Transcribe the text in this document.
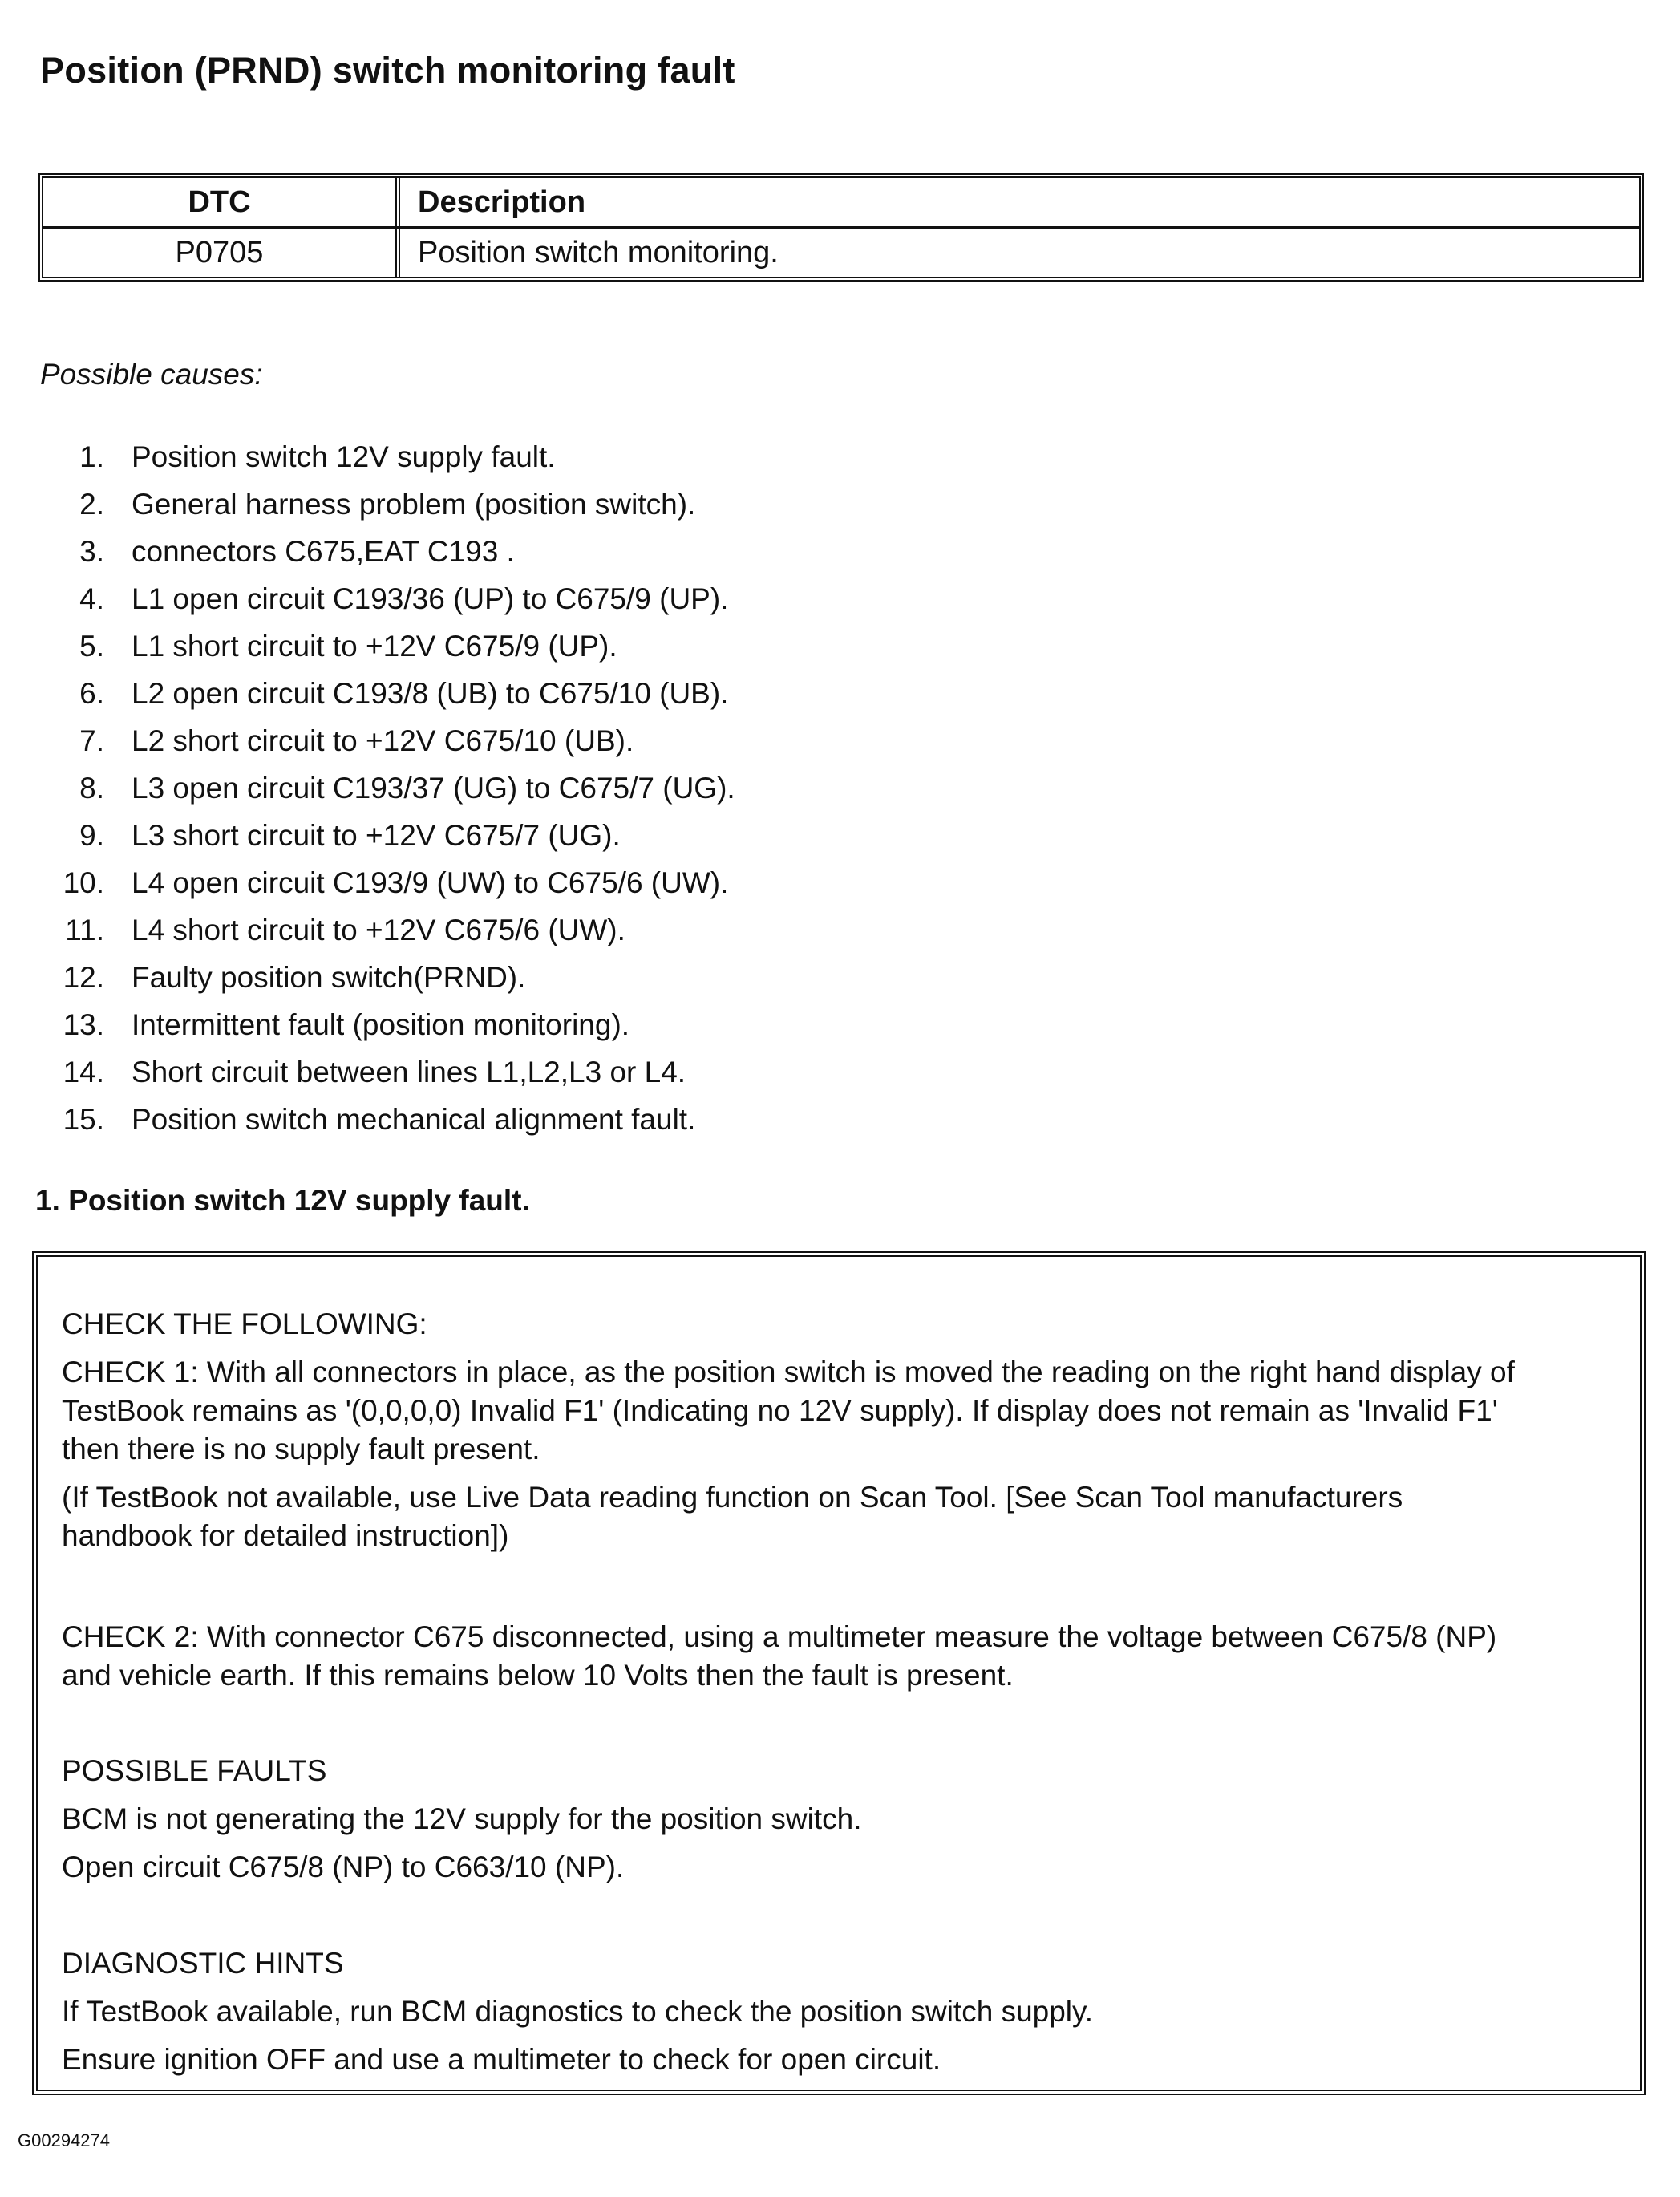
Position (PRND) switch monitoring fault
DTC	Description
P0705	Position switch monitoring.
Possible causes:
1. Position switch 12V supply fault.
2. General harness problem (position switch).
3. connectors C675,EAT C193 .
4. L1 open circuit C193/36 (UP) to C675/9 (UP).
5. L1 short circuit to +12V C675/9 (UP).
6. L2 open circuit C193/8 (UB) to C675/10 (UB).
7. L2 short circuit to +12V C675/10 (UB).
8. L3 open circuit C193/37 (UG) to C675/7 (UG).
9. L3 short circuit to +12V C675/7 (UG).
10. L4 open circuit C193/9 (UW) to C675/6 (UW).
11. L4 short circuit to +12V C675/6 (UW).
12. Faulty position switch(PRND).
13. Intermittent fault (position monitoring).
14. Short circuit between lines L1,L2,L3 or L4.
15. Position switch mechanical alignment fault.
1. Position switch 12V supply fault.
CHECK THE FOLLOWING:
CHECK 1: With all connectors in place, as the position switch is moved the reading on the right hand display of
TestBook remains as '(0,0,0,0) Invalid F1' (Indicating no 12V supply). If display does not remain as 'Invalid F1'
then there is no supply fault present.
(If TestBook not available, use Live Data reading function on Scan Tool. [See Scan Tool manufacturers
handbook for detailed instruction])
CHECK 2: With connector C675 disconnected, using a multimeter measure the voltage between C675/8 (NP)
and vehicle earth. If this remains below 10 Volts then the fault is present.
POSSIBLE FAULTS
BCM is not generating the 12V supply for the position switch.
Open circuit C675/8 (NP) to C663/10 (NP).
DIAGNOSTIC HINTS
If TestBook available, run BCM diagnostics to check the position switch supply.
Ensure ignition OFF and use a multimeter to check for open circuit.
G00294274
